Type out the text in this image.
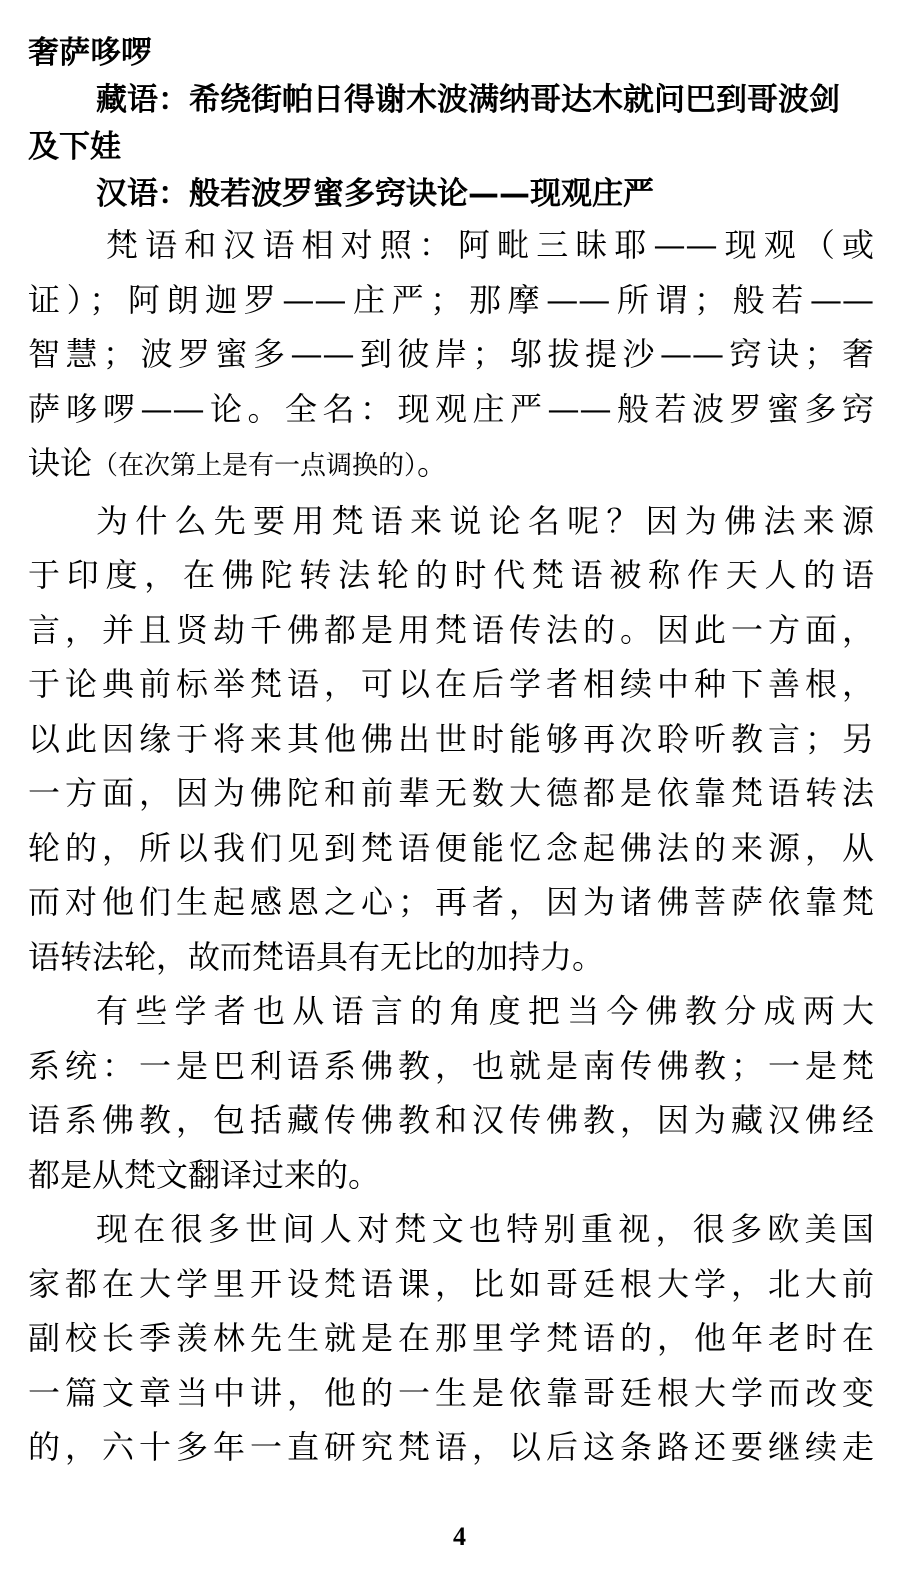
奢萨哆啰

藏语：希绕街帕日得谢木波满纳哥达木就问巴到哥波剑

及下娃

汉语：般若波罗蜜多窍诀论——现观庄严

梵语和汉语相对照：阿毗三昧耶——现观（或

证）；阿朗迦罗——庄严；那摩——所谓；般若——

智慧；波罗蜜多——到彼岸；邬拔提沙——窍诀；奢

萨哆啰——论。全名：现观庄严——般若波罗蜜多窍

诀论（在次第上是有一点调换的）。

为什么先要用梵语来说论名呢？因为佛法来源

于印度，在佛陀转法轮的时代梵语被称作天人的语

言，并且贤劫千佛都是用梵语传法的。因此一方面，

于论典前标举梵语，可以在后学者相续中种下善根，

以此因缘于将来其他佛出世时能够再次聆听教言；另

一方面，因为佛陀和前辈无数大德都是依靠梵语转法

轮的，所以我们见到梵语便能忆念起佛法的来源，从

而对他们生起感恩之心；再者，因为诸佛菩萨依靠梵

语转法轮，故而梵语具有无比的加持力。

有些学者也从语言的角度把当今佛教分成两大

系统：一是巴利语系佛教，也就是南传佛教；一是梵

语系佛教，包括藏传佛教和汉传佛教，因为藏汉佛经

都是从梵文翻译过来的。

现在很多世间人对梵文也特别重视，很多欧美国

家都在大学里开设梵语课，比如哥廷根大学，北大前

副校长季羡林先生就是在那里学梵语的，他年老时在

一篇文章当中讲，他的一生是依靠哥廷根大学而改变

的，六十多年一直研究梵语，以后这条路还要继续走

4
